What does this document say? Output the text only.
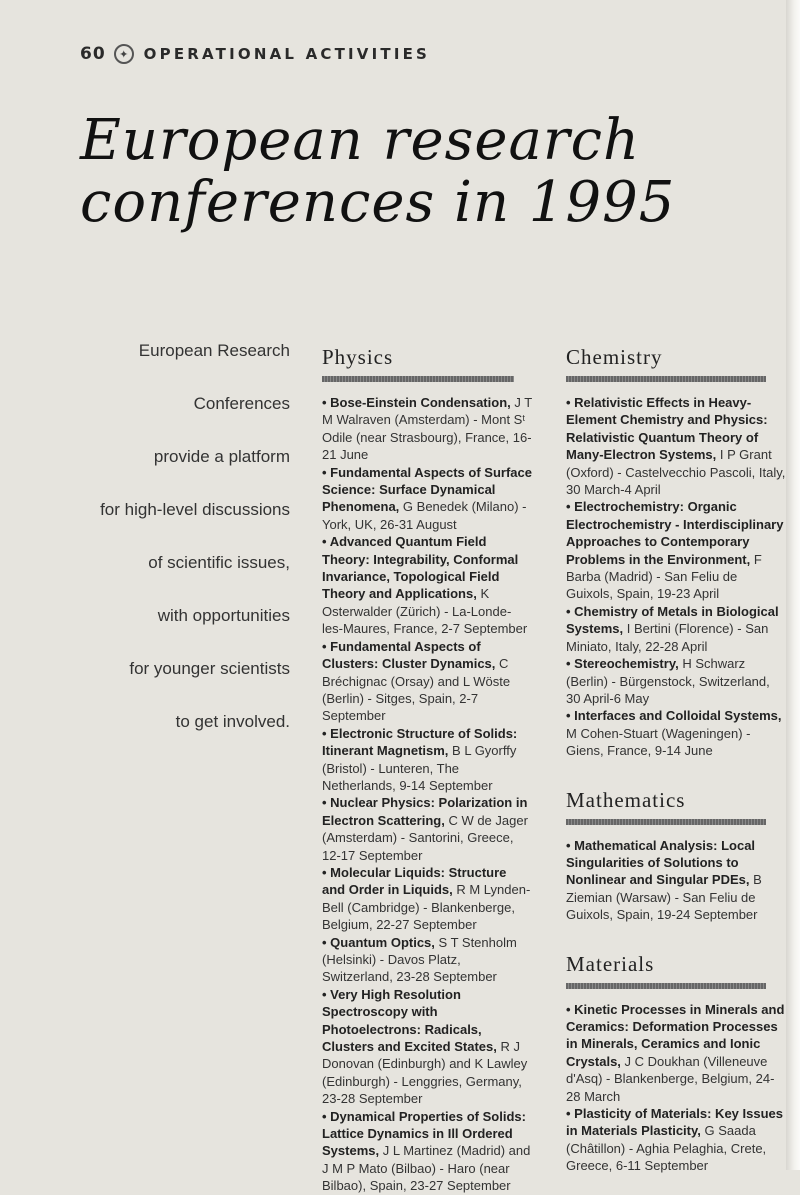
60	✦	OPERATIONAL ACTIVITIES
European research
conferences in 1995
European Research
Conferences
provide a platform
for high-level discussions
of scientific issues,
with opportunities
for younger scientists
to get involved.
Physics

• Bose-Einstein Condensation, J T M Walraven (Amsterdam) - Mont Sᵗ Odile (near Strasbourg), France, 16-21 June

• Fundamental Aspects of Surface Science: Surface Dynamical Phenomena, G Benedek (Milano) - York, UK, 26-31 August

• Advanced Quantum Field Theory: Integrability, Conformal Invariance, Topological Field Theory and Applications, K Osterwalder (Zürich) - La-Londe-les-Maures, France, 2-7 September

• Fundamental Aspects of Clusters: Cluster Dynamics, C Bréchignac (Orsay) and L Wöste (Berlin) - Sitges, Spain, 2-7 September

• Electronic Structure of Solids: Itinerant Magnetism, B L Gyorffy (Bristol) - Lunteren, The Netherlands, 9-14 September

• Nuclear Physics: Polarization in Electron Scattering, C W de Jager (Amsterdam) - Santorini, Greece, 12-17 September

• Molecular Liquids: Structure and Order in Liquids, R M Lynden-Bell (Cambridge) - Blankenberge, Belgium, 22-27 September

• Quantum Optics, S T Stenholm (Helsinki) - Davos Platz, Switzerland, 23-28 September

• Very High Resolution Spectroscopy with Photoelectrons: Radicals, Clusters and Excited States, R J Donovan (Edinburgh) and K Lawley (Edinburgh) - Lenggries, Germany, 23-28 September

• Dynamical Properties of Solids: Lattice Dynamics in Ill Ordered Systems, J L Martinez (Madrid) and J M P Mato (Bilbao) - Haro (near Bilbao), Spain, 23-27 September

Chemistry

• Relativistic Effects in Heavy-Element Chemistry and Physics: Relativistic Quantum Theory of Many-Electron Systems, I P Grant (Oxford) - Castelvecchio Pascoli, Italy, 30 March-4 April

• Electrochemistry: Organic Electrochemistry - Interdisciplinary Approaches to Contemporary Problems in the Environment, F Barba (Madrid) - San Feliu de Guixols, Spain, 19-23 April

• Chemistry of Metals in Biological Systems, I Bertini (Florence) - San Miniato, Italy, 22-28 April

• Stereochemistry, H Schwarz (Berlin) - Bürgenstock, Switzerland, 30 April-6 May

• Interfaces and Colloidal Systems, M Cohen-Stuart (Wageningen) - Giens, France, 9-14 June

Mathematics

• Mathematical Analysis: Local Singularities of Solutions to Nonlinear and Singular PDEs, B Ziemian (Warsaw) - San Feliu de Guixols, Spain, 19-24 September

Materials

• Kinetic Processes in Minerals and Ceramics: Deformation Processes in Minerals, Ceramics and Ionic Crystals, J C Doukhan (Villeneuve d'Asq) - Blankenberge, Belgium, 24-28 March

• Plasticity of Materials: Key Issues in Materials Plasticity, G Saada (Châtillon) - Aghia Pelaghia, Crete, Greece, 6-11 September
